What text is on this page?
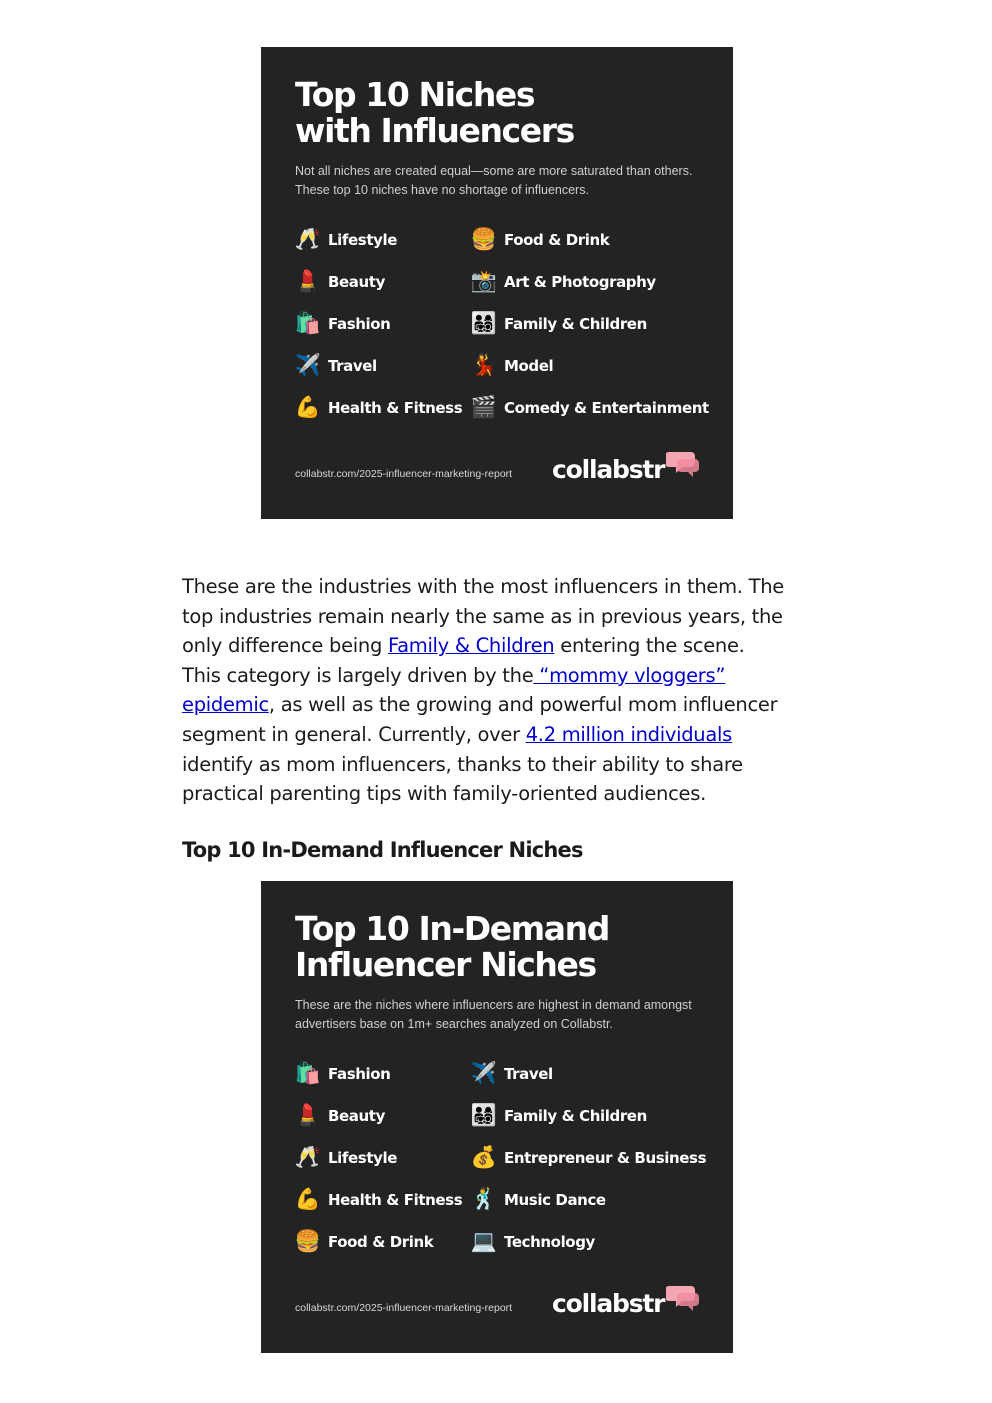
Top 10 Niches
with Influencers

Not all niches are created equal—some are more saturated than others. These top 10 niches have no shortage of influencers.

🥂 Lifestyle
💄 Beauty
🛍️ Fashion
✈️ Travel
💪 Health & Fitness
🍔 Food & Drink
📸 Art & Photography
👨‍👩‍👧‍👦 Family & Children
💃 Model
🎬 Comedy & Entertainment
collabstr.com/2025-influencer-marketing-report collabstr

These are the industries with the most influencers in them. The
top industries remain nearly the same as in previous years, the
only difference being Family & Children entering the scene.
This category is largely driven by the “mommy vloggers”
epidemic, as well as the growing and powerful mom influencer
segment in general. Currently, over 4.2 million individuals
identify as mom influencers, thanks to their ability to share
practical parenting tips with family-oriented audiences.

Top 10 In-Demand Influencer Niches
Top 10 In-Demand
Influencer Niches

These are the niches where influencers are highest in demand amongst advertisers base on 1m+ searches analyzed on Collabstr.

🛍️ Fashion
💄 Beauty
🥂 Lifestyle
💪 Health & Fitness
🍔 Food & Drink
✈️ Travel
👨‍👩‍👧‍👦 Family & Children
💰 Entrepreneur & Business
🕺 Music Dance
💻 Technology
collabstr.com/2025-influencer-marketing-report collabstr
